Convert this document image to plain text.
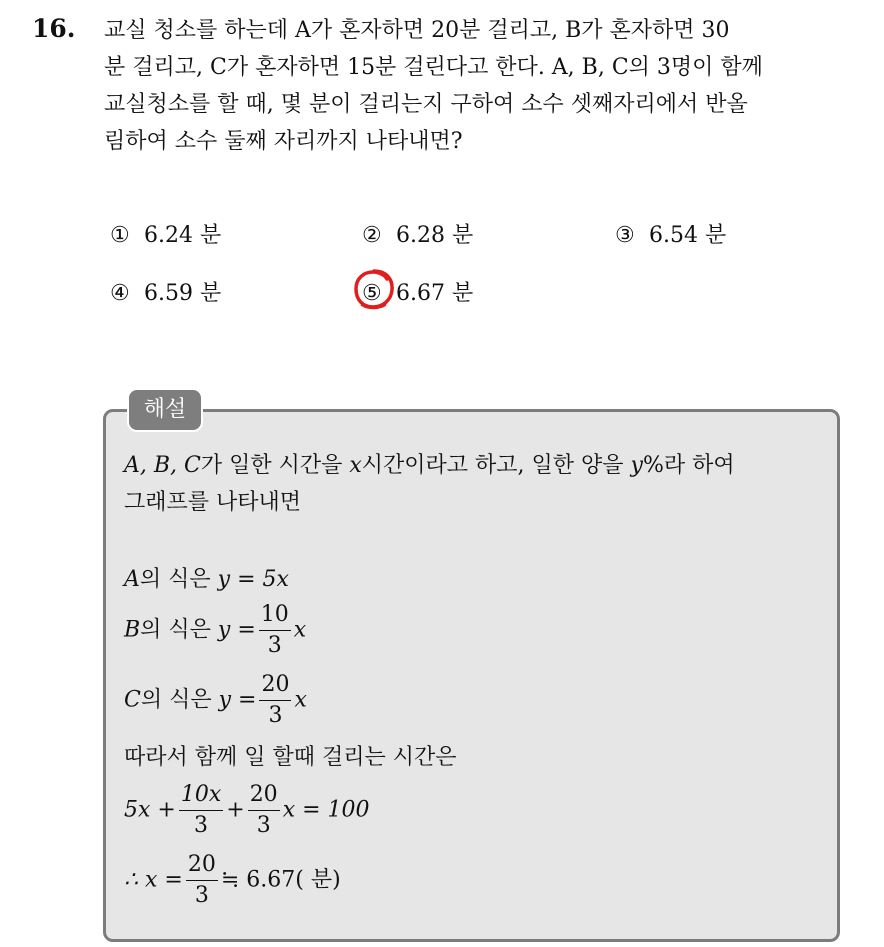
16. 교실 청소를 하는데 A가 혼자하면 20분 걸리고, B가 혼자하면 30
분 걸리고, C가 혼자하면 15분 걸린다고 한다. A, B, C의 3명이 함께
교실청소를 할 때, 몇 분이 걸리는지 구하여 소수 셋째자리에서 반올
림하여 소수 둘째 자리까지 나타내면?
① 6.24 분	② 6.28 분	③ 6.54 분
④ 6.59 분	⑤ 6.67 분
해설
A, B, C가 일한 시간을 x시간이라고 하고, 일한 양을 y%라 하여
그래프를 나타내면
A의 식은 y = 5x
B의 식은 $y = \frac{10}{3}$ x
C의 식은 $y = \frac{20}{3}$ x
따라서 함께 일 할때 걸리는 시간은
$5x + \frac{10x}{3} + \frac{20}{3}$ x = 100
∴ $x = \frac{20}{3}$ ≒ 6.67( 분)
